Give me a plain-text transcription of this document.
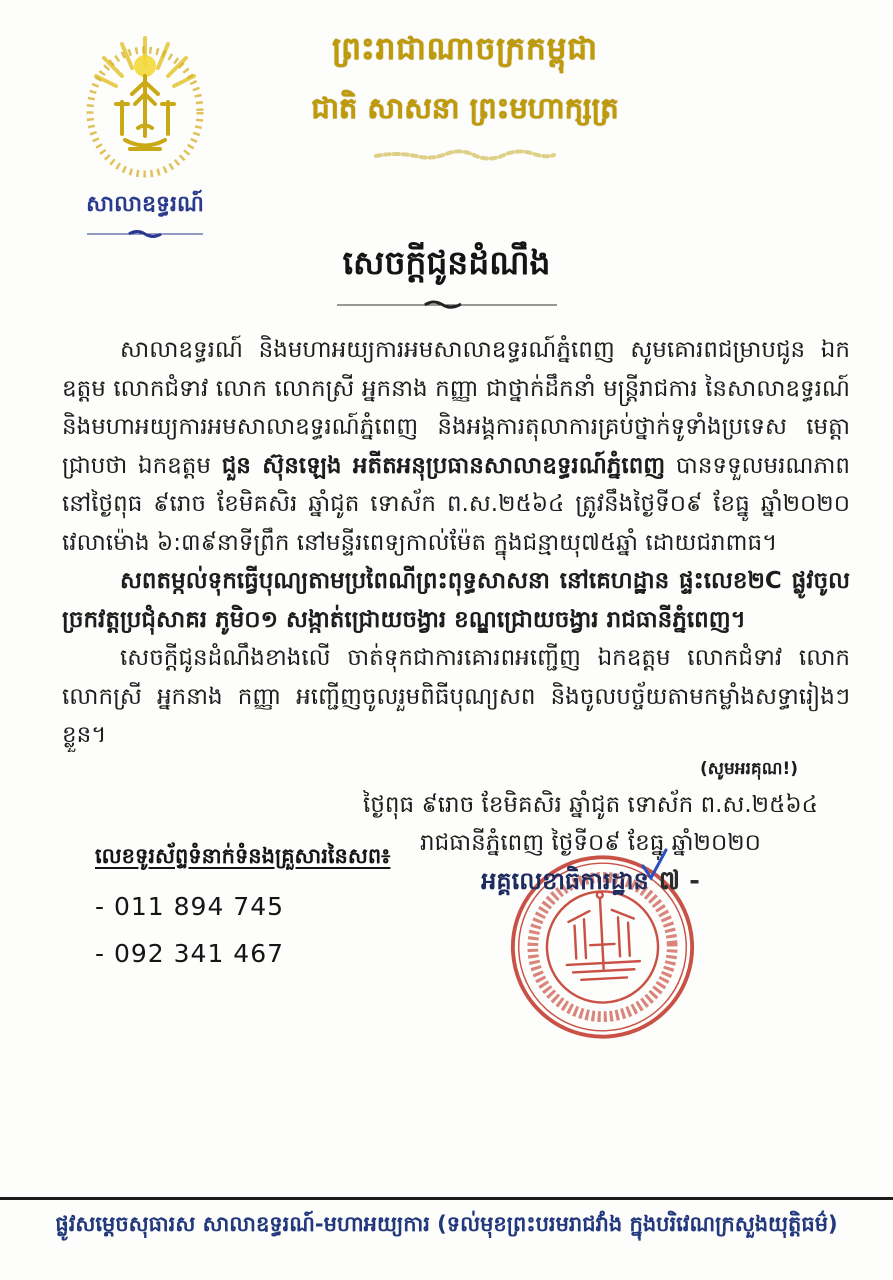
សាលាឧទ្ធរណ៍
ព្រះរាជាណាចក្រកម្ពុជា
ជាតិ សាសនា ព្រះមហាក្សត្រ
សេចក្តីជូនដំណឹង

សាលាឧទ្ធរណ៍ និងមហាអយ្យការអមសាលាឧទ្ធរណ៍ភ្នំពេញ សូមគោរពជម្រាបជូន ឯកឧត្តម លោកជំទាវ លោក លោកស្រី អ្នកនាង កញ្ញា ជាថ្នាក់ដឹកនាំ មន្ត្រីរាជការ នៃសាលាឧទ្ធរណ៍ និងមហាអយ្យការអមសាលាឧទ្ធរណ៍ភ្នំពេញ និងអង្គការតុលាការគ្រប់ថ្នាក់ទូទាំងប្រទេស មេត្តាជ្រាបថា ឯកឧត្តម ជួន ស៊ុនឡេង អតីតអនុប្រធានសាលាឧទ្ធរណ៍ភ្នំពេញ បានទទួលមរណភាព នៅថ្ងៃពុធ ៩រោច ខែមិគសិរ ឆ្នាំជូត ទោស័ក ព.ស.២៥៦៤ ត្រូវនឹងថ្ងៃទី០៩ ខែធ្នូ ឆ្នាំ២០២០ វេលាម៉ោង ៦:៣៩នាទីព្រឹក នៅមន្ទីរពេទ្យកាល់ម៉ែត ក្នុងជន្មាយុ៧៥ឆ្នាំ ដោយជរាពាធ។

សពតម្កល់ទុកធ្វើបុណ្យតាមប្រពៃណីព្រះពុទ្ធសាសនា នៅគេហដ្ឋាន ផ្ទះលេខ២C ផ្លូវចូលច្រកវត្តប្រជុំសាគរ ភូមិ០១ សង្កាត់ជ្រោយចង្វារ ខណ្ឌជ្រោយចង្វារ រាជធានីភ្នំពេញ។

សេចក្តីជូនដំណឹងខាងលើ ចាត់ទុកជាការគោរពអញ្ជើញ ឯកឧត្តម លោកជំទាវ លោក លោកស្រី អ្នកនាង កញ្ញា អញ្ជើញចូលរួមពិធីបុណ្យសព និងចូលបច្ច័យតាមកម្លាំងសទ្ធារៀងៗខ្លួន។

(សូមអរគុណ!)

ថ្ងៃពុធ ៩រោច ខែមិគសិរ ឆ្នាំជូត ទោស័ក ព.ស.២៥៦៤
រាជធានីភ្នំពេញ ថ្ងៃទី០៩ ខែធ្នូ ឆ្នាំ២០២០
អគ្គលេខាធិការដ្ឋាន ៧ -
លេខទូរស័ព្ទទំនាក់ទំនងគ្រួសារនៃសព៖
- 011 894 745
- 092 341 467
ផ្លូវសម្តេចសុធារស សាលាឧទ្ធរណ៍-មហាអយ្យការ (ទល់មុខព្រះបរមរាជវាំង ក្នុងបរិវេណក្រសួងយុត្តិធម៌)
